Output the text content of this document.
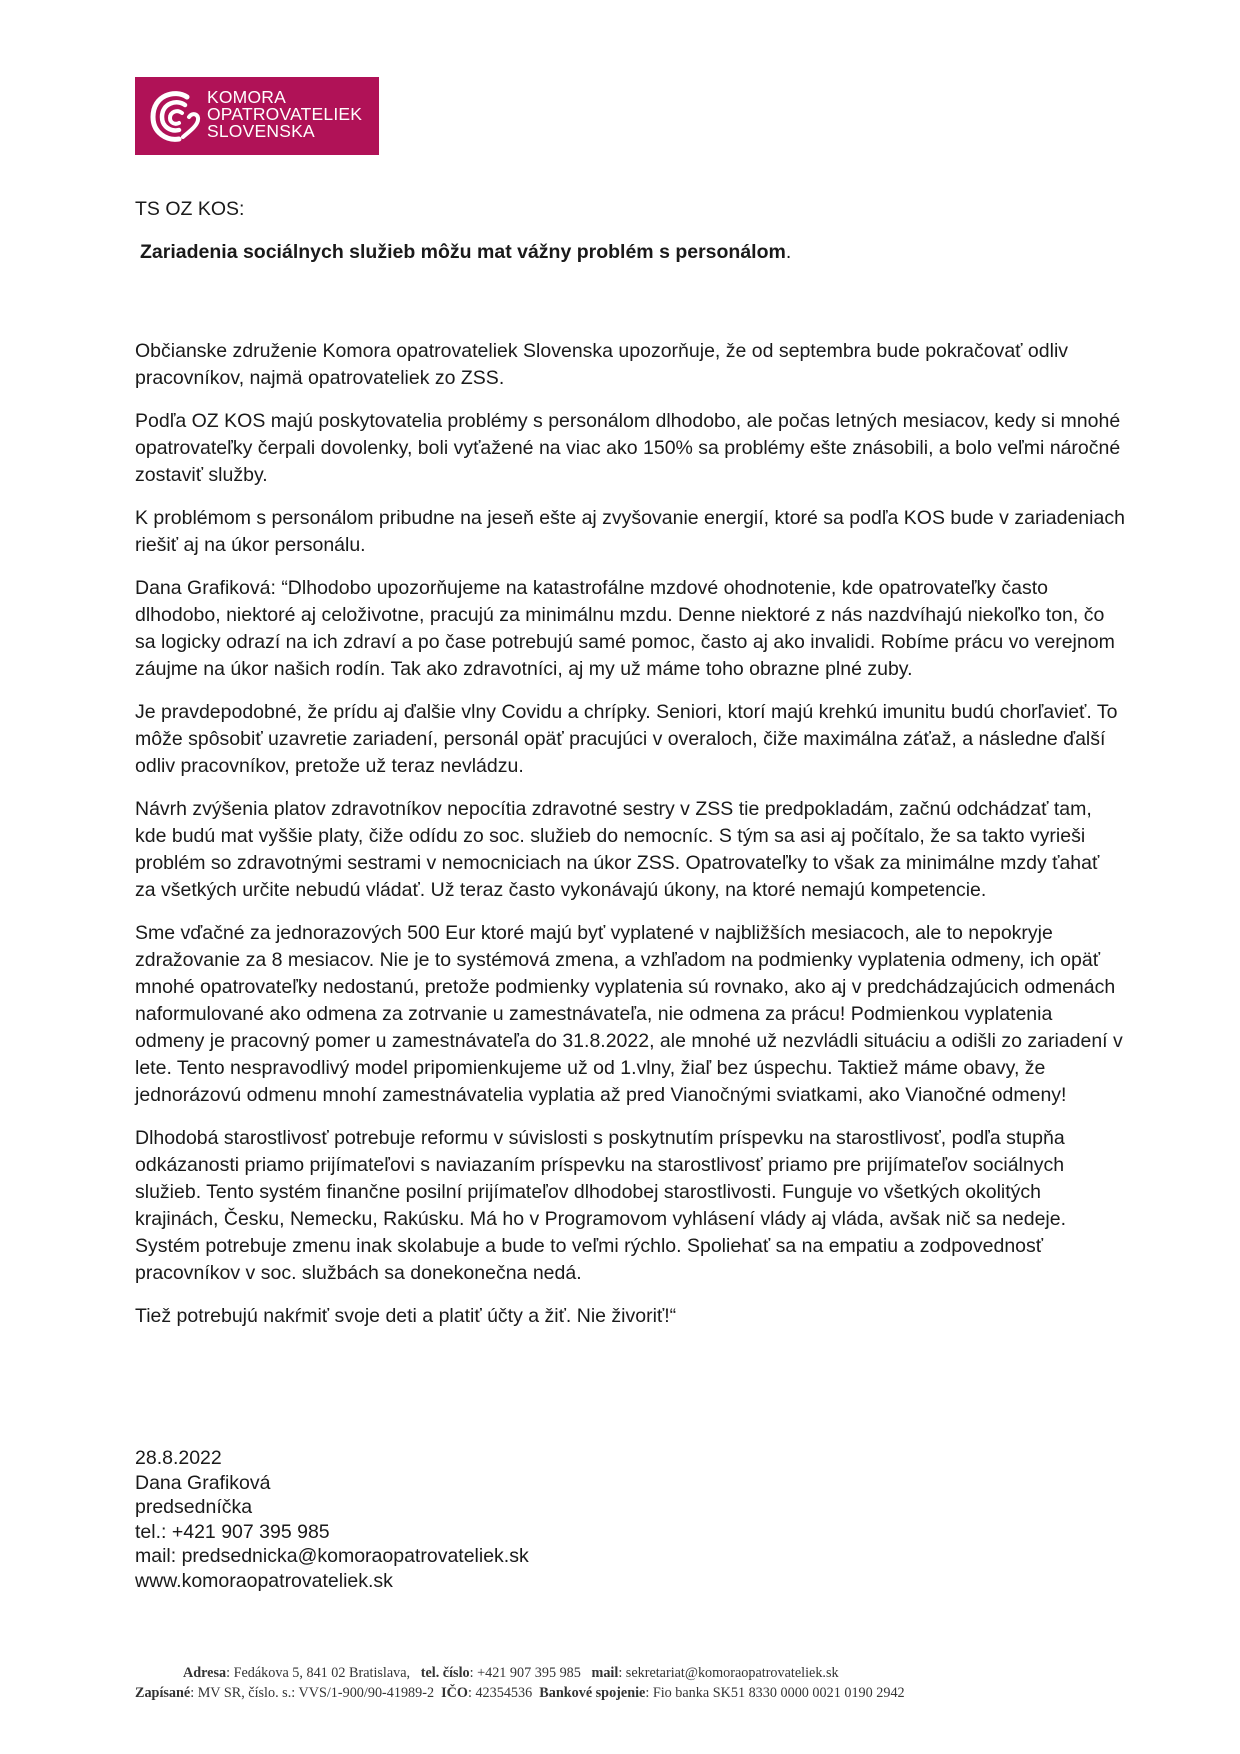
KOMORA
OPATROVATELIEK
SLOVENSKA

TS OZ KOS:

Zariadenia sociálnych služieb môžu mat vážny problém s personálom.

Občianske združenie Komora opatrovateliek Slovenska upozorňuje, že od septembra bude pokračovať odliv pracovníkov, najmä opatrovateliek zo ZSS.

Podľa OZ KOS majú poskytovatelia problémy s personálom dlhodobo, ale počas letných mesiacov, kedy si mnohé opatrovateľky čerpali dovolenky, boli vyťažené na viac ako 150% sa problémy ešte znásobili, a bolo veľmi náročné zostaviť služby.

K problémom s personálom pribudne na jeseň ešte aj zvyšovanie energií, ktoré sa podľa KOS bude v zariadeniach riešiť aj na úkor personálu.

Dana Grafiková: “Dlhodobo upozorňujeme na katastrofálne mzdové ohodnotenie, kde opatrovateľky často dlhodobo, niektoré aj celoživotne, pracujú za minimálnu mzdu. Denne niektoré z nás nazdvíhajú niekoľko ton, čo sa logicky odrazí na ich zdraví a po čase potrebujú samé pomoc, často aj ako invalidi. Robíme prácu vo verejnom záujme na úkor našich rodín. Tak ako zdravotníci, aj my už máme toho obrazne plné zuby.

Je pravdepodobné, že prídu aj ďalšie vlny Covidu a chrípky. Seniori, ktorí majú krehkú imunitu budú chorľavieť. To môže spôsobiť uzavretie zariadení, personál opäť pracujúci v overaloch, čiže maximálna záťaž, a následne ďalší odliv pracovníkov, pretože už teraz nevládzu.

Návrh zvýšenia platov zdravotníkov nepocítia zdravotné sestry v ZSS tie predpokladám, začnú odchádzať tam, kde budú mat vyššie platy, čiže odídu zo soc. služieb do nemocníc. S tým sa asi aj počítalo, že sa takto vyrieši problém so zdravotnými sestrami v nemocniciach na úkor ZSS. Opatrovateľky to však za minimálne mzdy ťahať za všetkých určite nebudú vládať. Už teraz často vykonávajú úkony, na ktoré nemajú kompetencie.

Sme vďačné za jednorazových 500 Eur ktoré majú byť vyplatené v najbližších mesiacoch, ale to nepokryje zdražovanie za 8 mesiacov. Nie je to systémová zmena, a vzhľadom na podmienky vyplatenia odmeny, ich opäť mnohé opatrovateľky nedostanú, pretože podmienky vyplatenia sú rovnako, ako aj v predchádzajúcich odmenách naformulované ako odmena za zotrvanie u zamestnávateľa, nie odmena za prácu! Podmienkou vyplatenia odmeny je pracovný pomer u zamestnávateľa do 31.8.2022, ale mnohé už nezvládli situáciu a odišli zo zariadení v lete. Tento nespravodlivý model pripomienkujeme už od 1.vlny, žiaľ bez úspechu. Taktiež máme obavy, že jednorázovú odmenu mnohí zamestnávatelia vyplatia až pred Vianočnými sviatkami, ako Vianočné odmeny!

Dlhodobá starostlivosť potrebuje reformu v súvislosti s poskytnutím príspevku na starostlivosť, podľa stupňa odkázanosti priamo prijímateľovi s naviazaním príspevku na starostlivosť priamo pre prijímateľov sociálnych služieb. Tento systém finančne posilní prijímateľov dlhodobej starostlivosti. Funguje vo všetkých okolitých krajinách, Česku, Nemecku, Rakúsku. Má ho v Programovom vyhlásení vlády aj vláda, avšak nič sa nedeje. Systém potrebuje zmenu inak skolabuje a bude to veľmi rýchlo. Spoliehať sa na empatiu a zodpovednosť pracovníkov v soc. službách sa donekonečna nedá.

Tiež potrebujú nakŕmiť svoje deti a platiť účty a žiť. Nie živoriť!“

28.8.2022
Dana Grafiková
predsedníčka
tel.: +421 907 395 985
mail: predsednicka@komoraopatrovateliek.sk
www.komoraopatrovateliek.sk
Adresa: Fedákova 5, 841 02 Bratislava, tel. číslo: +421 907 395 985 mail: sekretariat@komoraopatrovateliek.sk
Zapísané: MV SR, číslo. s.: VVS/1-900/90-41989-2 IČO: 42354536 Bankové spojenie: Fio banka SK51 8330 0000 0021 0190 2942
